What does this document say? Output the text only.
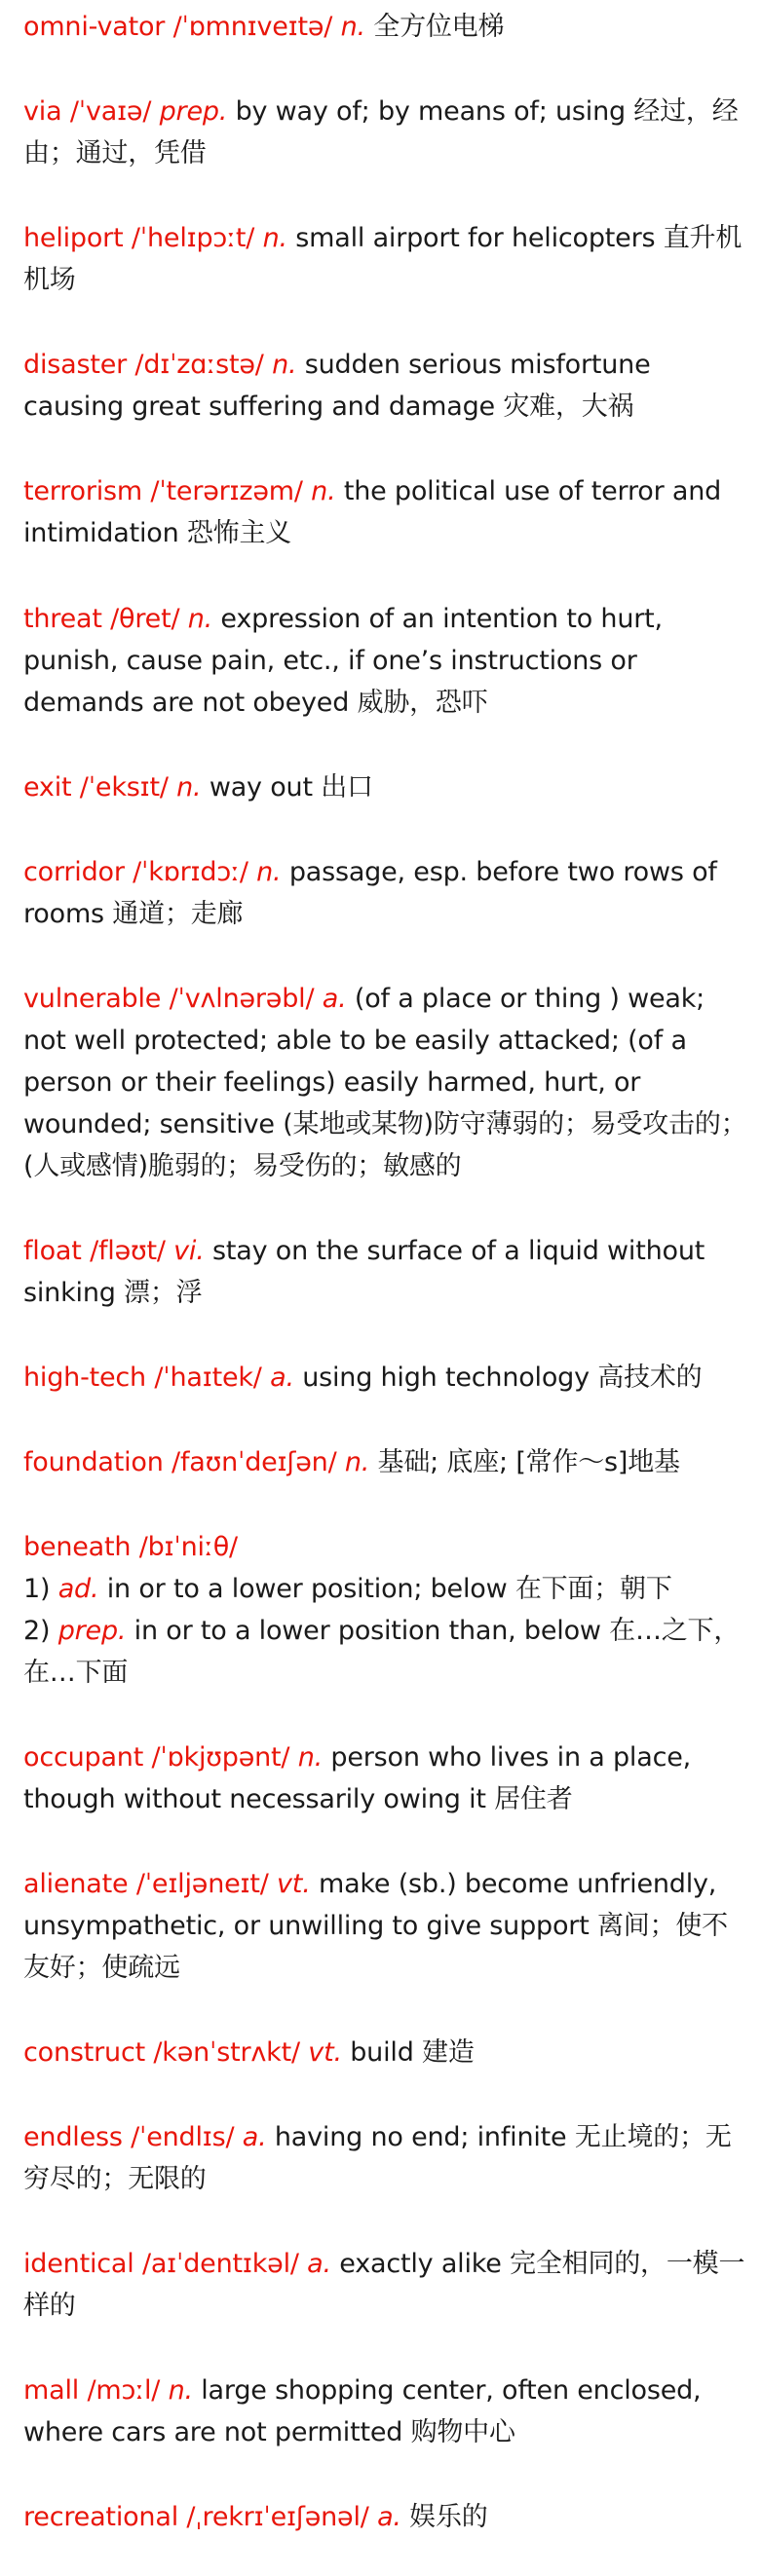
omni-vator /ˈɒmnɪveɪtə/ n. 全方位电梯

via /ˈvaɪə/ prep. by way of; by means of; using 经过，经由；通过，凭借

heliport /ˈhelɪpɔːt/ n. small airport for helicopters 直升机机场

disaster /dɪˈzɑːstə/ n. sudden serious misfortune causing great suffering and damage 灾难，大祸

terrorism /ˈterərɪzəm/ n. the political use of terror and intimidation 恐怖主义

threat /θret/ n. expression of an intention to hurt, punish, cause pain, etc., if one’s instructions or demands are not obeyed 威胁，恐吓

exit /ˈeksɪt/ n. way out 出口

corridor /ˈkɒrɪdɔː/ n. passage, esp. before two rows of rooms 通道；走廊

vulnerable /ˈvʌlnərəbl/ a. (of a place or thing ) weak; not well protected; able to be easily attacked; (of a person or their feelings) easily harmed, hurt, or wounded; sensitive (某地或某物)防守薄弱的；易受攻击的；(人或感情)脆弱的；易受伤的；敏感的

float /fləʊt/ vi. stay on the surface of a liquid without sinking 漂；浮

high-tech /ˈhaɪtek/ a. using high technology 高技术的

foundation /faʊnˈdeɪʃən/ n. 基础; 底座; [常作～s]地基

beneath /bɪˈniːθ/
1) ad. in or to a lower position; below 在下面；朝下
2) prep. in or to a lower position than, below 在…之下，在…下面

occupant /ˈɒkjʊpənt/ n. person who lives in a place, though without necessarily owing it 居住者

alienate /ˈeɪljəneɪt/ vt. make (sb.) become unfriendly, unsympathetic, or unwilling to give support 离间；使不友好；使疏远

construct /kənˈstrʌkt/ vt. build 建造

endless /ˈendlɪs/ a. having no end; infinite 无止境的；无穷尽的；无限的

identical /aɪˈdentɪkəl/ a. exactly alike 完全相同的，一模一样的

mall /mɔːl/ n. large shopping center, often enclosed, where cars are not permitted 购物中心

recreational /ˌrekrɪˈeɪʃənəl/ a. 娱乐的
